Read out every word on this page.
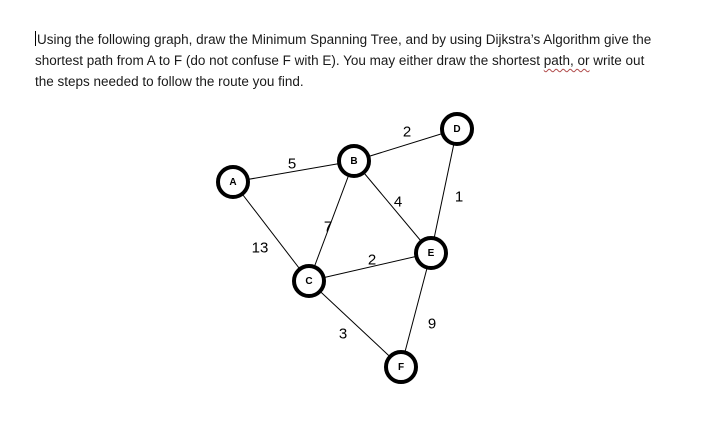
Using the following graph, draw the Minimum Spanning Tree, and by using Dijkstra’s Algorithm give the
shortest path from A to F (do not confuse F with E). You may either draw the shortest path, or write out
the steps needed to follow the route you find.
5
13
7
2
4
2
3
1
9
A
B
C
D
E
F
